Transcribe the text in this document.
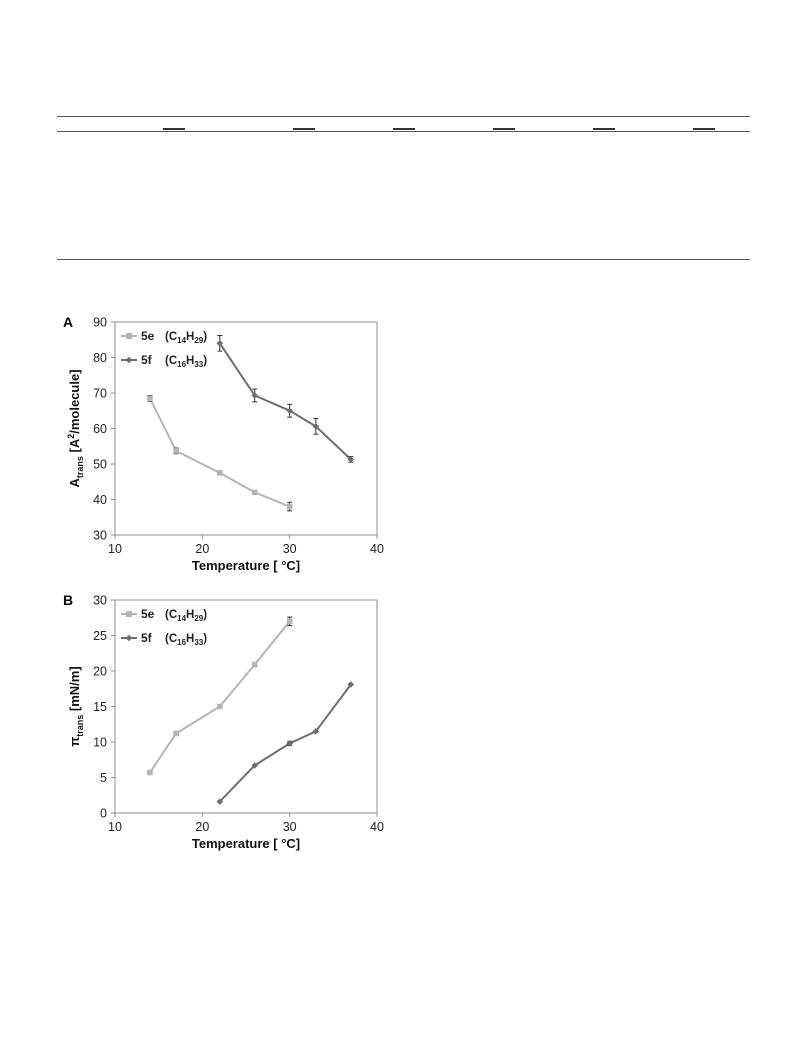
A
30
40
50
60
70
80
90
10	20	30	40
Temperature [ °C]
$A_{trans}$ $[A^2/molecule]$
5e $(C_{14}H_{29})$
5f $(C_{16}H_{33})$
B
0
5
10
15
20
25
30
10	20	30	40
Temperature [ °C]
$\pi_{trans}$ [mN/m]
5e $(C_{14}H_{29})$
5f $(C_{16}H_{33})$
